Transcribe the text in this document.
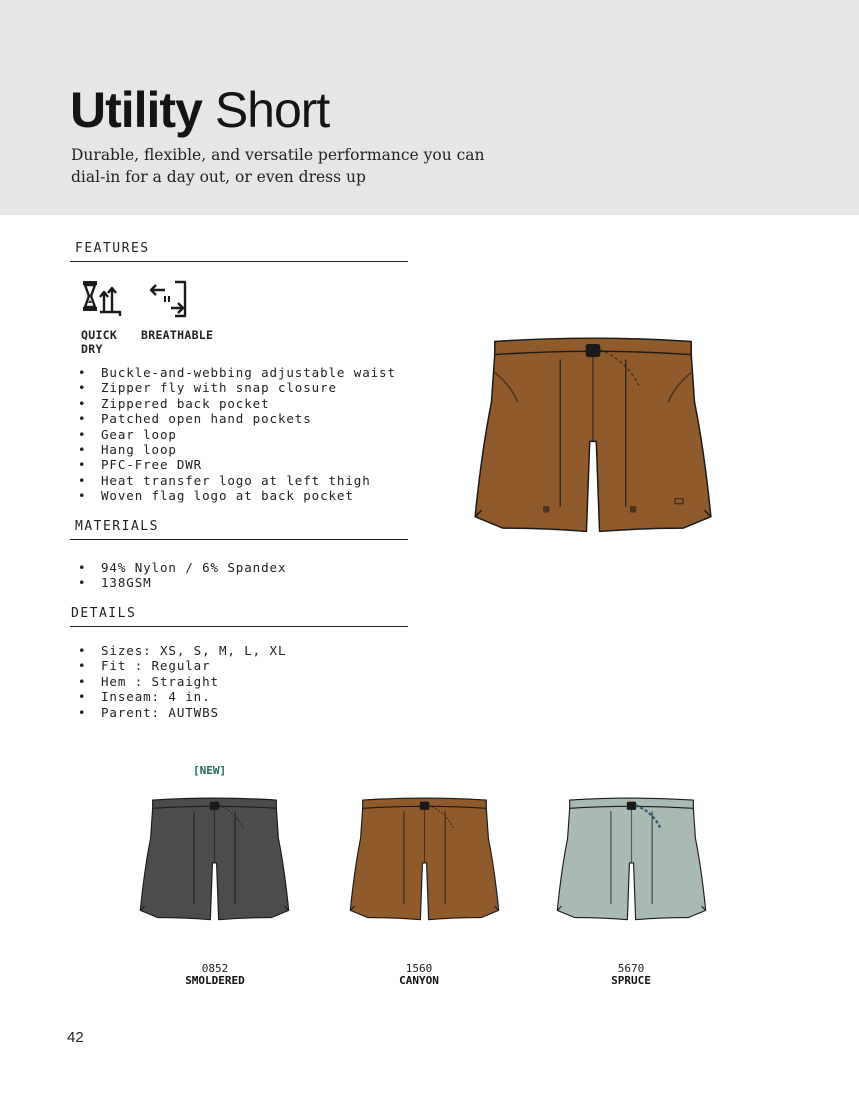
Utility Short

Durable, flexible, and versatile performance you can
dial-in for a day out, or even dress up

FEATURES
QUICK
DRY
BREATHABLE
• Buckle-and-webbing adjustable waist
• Zipper fly with snap closure
• Zippered back pocket
• Patched open hand pockets
• Gear loop
• Hang loop
• PFC-Free DWR
• Heat transfer logo at left thigh
• Woven flag logo at back pocket
MATERIALS
• 94% Nylon / 6% Spandex
• 138GSM
DETAILS
• Sizes: XS, S, M, L, XL
• Fit : Regular
• Hem : Straight
• Inseam: 4 in.
• Parent: AUTWBS
[NEW]
0852
SMOLDERED
1560
CANYON
5670
SPRUCE
42
